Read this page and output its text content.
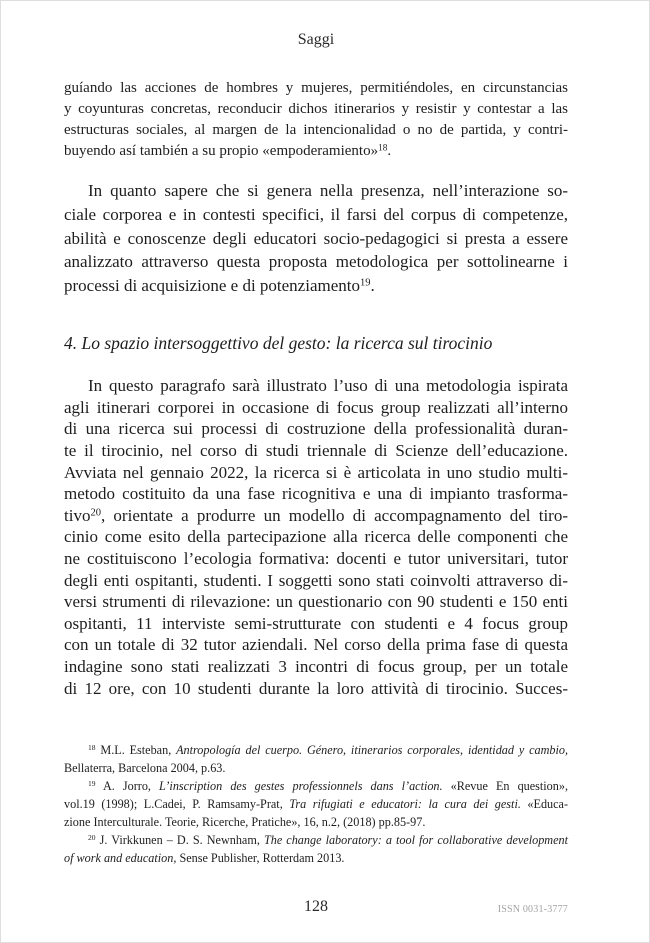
Saggi
guíando las acciones de hombres y mujeres, permitiéndoles, en circunstancias
y coyunturas concretas, reconducir dichos itinerarios y resistir y contestar a las
estructuras sociales, al margen de la intencionalidad o no de partida, y contri-
buyendo así también a su propio «empoderamiento»$^{18}$.
In quanto sapere che si genera nella presenza, nell’interazione so-
ciale corporea e in contesti specifici, il farsi del corpus di competenze,
abilità e conoscenze degli educatori socio-pedagogici si presta a essere
analizzato attraverso questa proposta metodologica per sottolinearne i
processi di acquisizione e di potenziamento$^{19}$.
4. Lo spazio intersoggettivo del gesto: la ricerca sul tirocinio
In questo paragrafo sarà illustrato l’uso di una metodologia ispirata
agli itinerari corporei in occasione di focus group realizzati all’interno
di una ricerca sui processi di costruzione della professionalità duran-
te il tirocinio, nel corso di studi triennale di Scienze dell’educazione.
Avviata nel gennaio 2022, la ricerca si è articolata in uno studio multi-
metodo costituito da una fase ricognitiva e una di impianto trasforma-
tivo$^{20}$, orientate a produrre un modello di accompagnamento del tiro-
cinio come esito della partecipazione alla ricerca delle componenti che
ne costituiscono l’ecologia formativa: docenti e tutor universitari, tutor
degli enti ospitanti, studenti. I soggetti sono stati coinvolti attraverso di-
versi strumenti di rilevazione: un questionario con 90 studenti e 150 enti
ospitanti, 11 interviste semi-strutturate con studenti e 4 focus group
con un totale di 32 tutor aziendali. Nel corso della prima fase di questa
indagine sono stati realizzati 3 incontri di focus group, per un totale
di 12 ore, con 10 studenti durante la loro attività di tirocinio. Succes-
$^{18}$ M.L. Esteban, Antropología del cuerpo. Género, itinerarios corporales, identidad y cambio,
Bellaterra, Barcelona 2004, p.63.
$^{19}$ A. Jorro, L’inscription des gestes professionnels dans l’action. «Revue En question»,
vol.19 (1998); L.Cadei, P. Ramsamy-Prat, Tra rifugiati e educatori: la cura dei gesti. «Educa-
zione Interculturale. Teorie, Ricerche, Pratiche», 16, n.2, (2018) pp.85-97.
$^{20}$ J. Virkkunen – D. S. Newnham, The change laboratory: a tool for collaborative development
of work and education, Sense Publisher, Rotterdam 2013.
128	ISSN 0031-3777
